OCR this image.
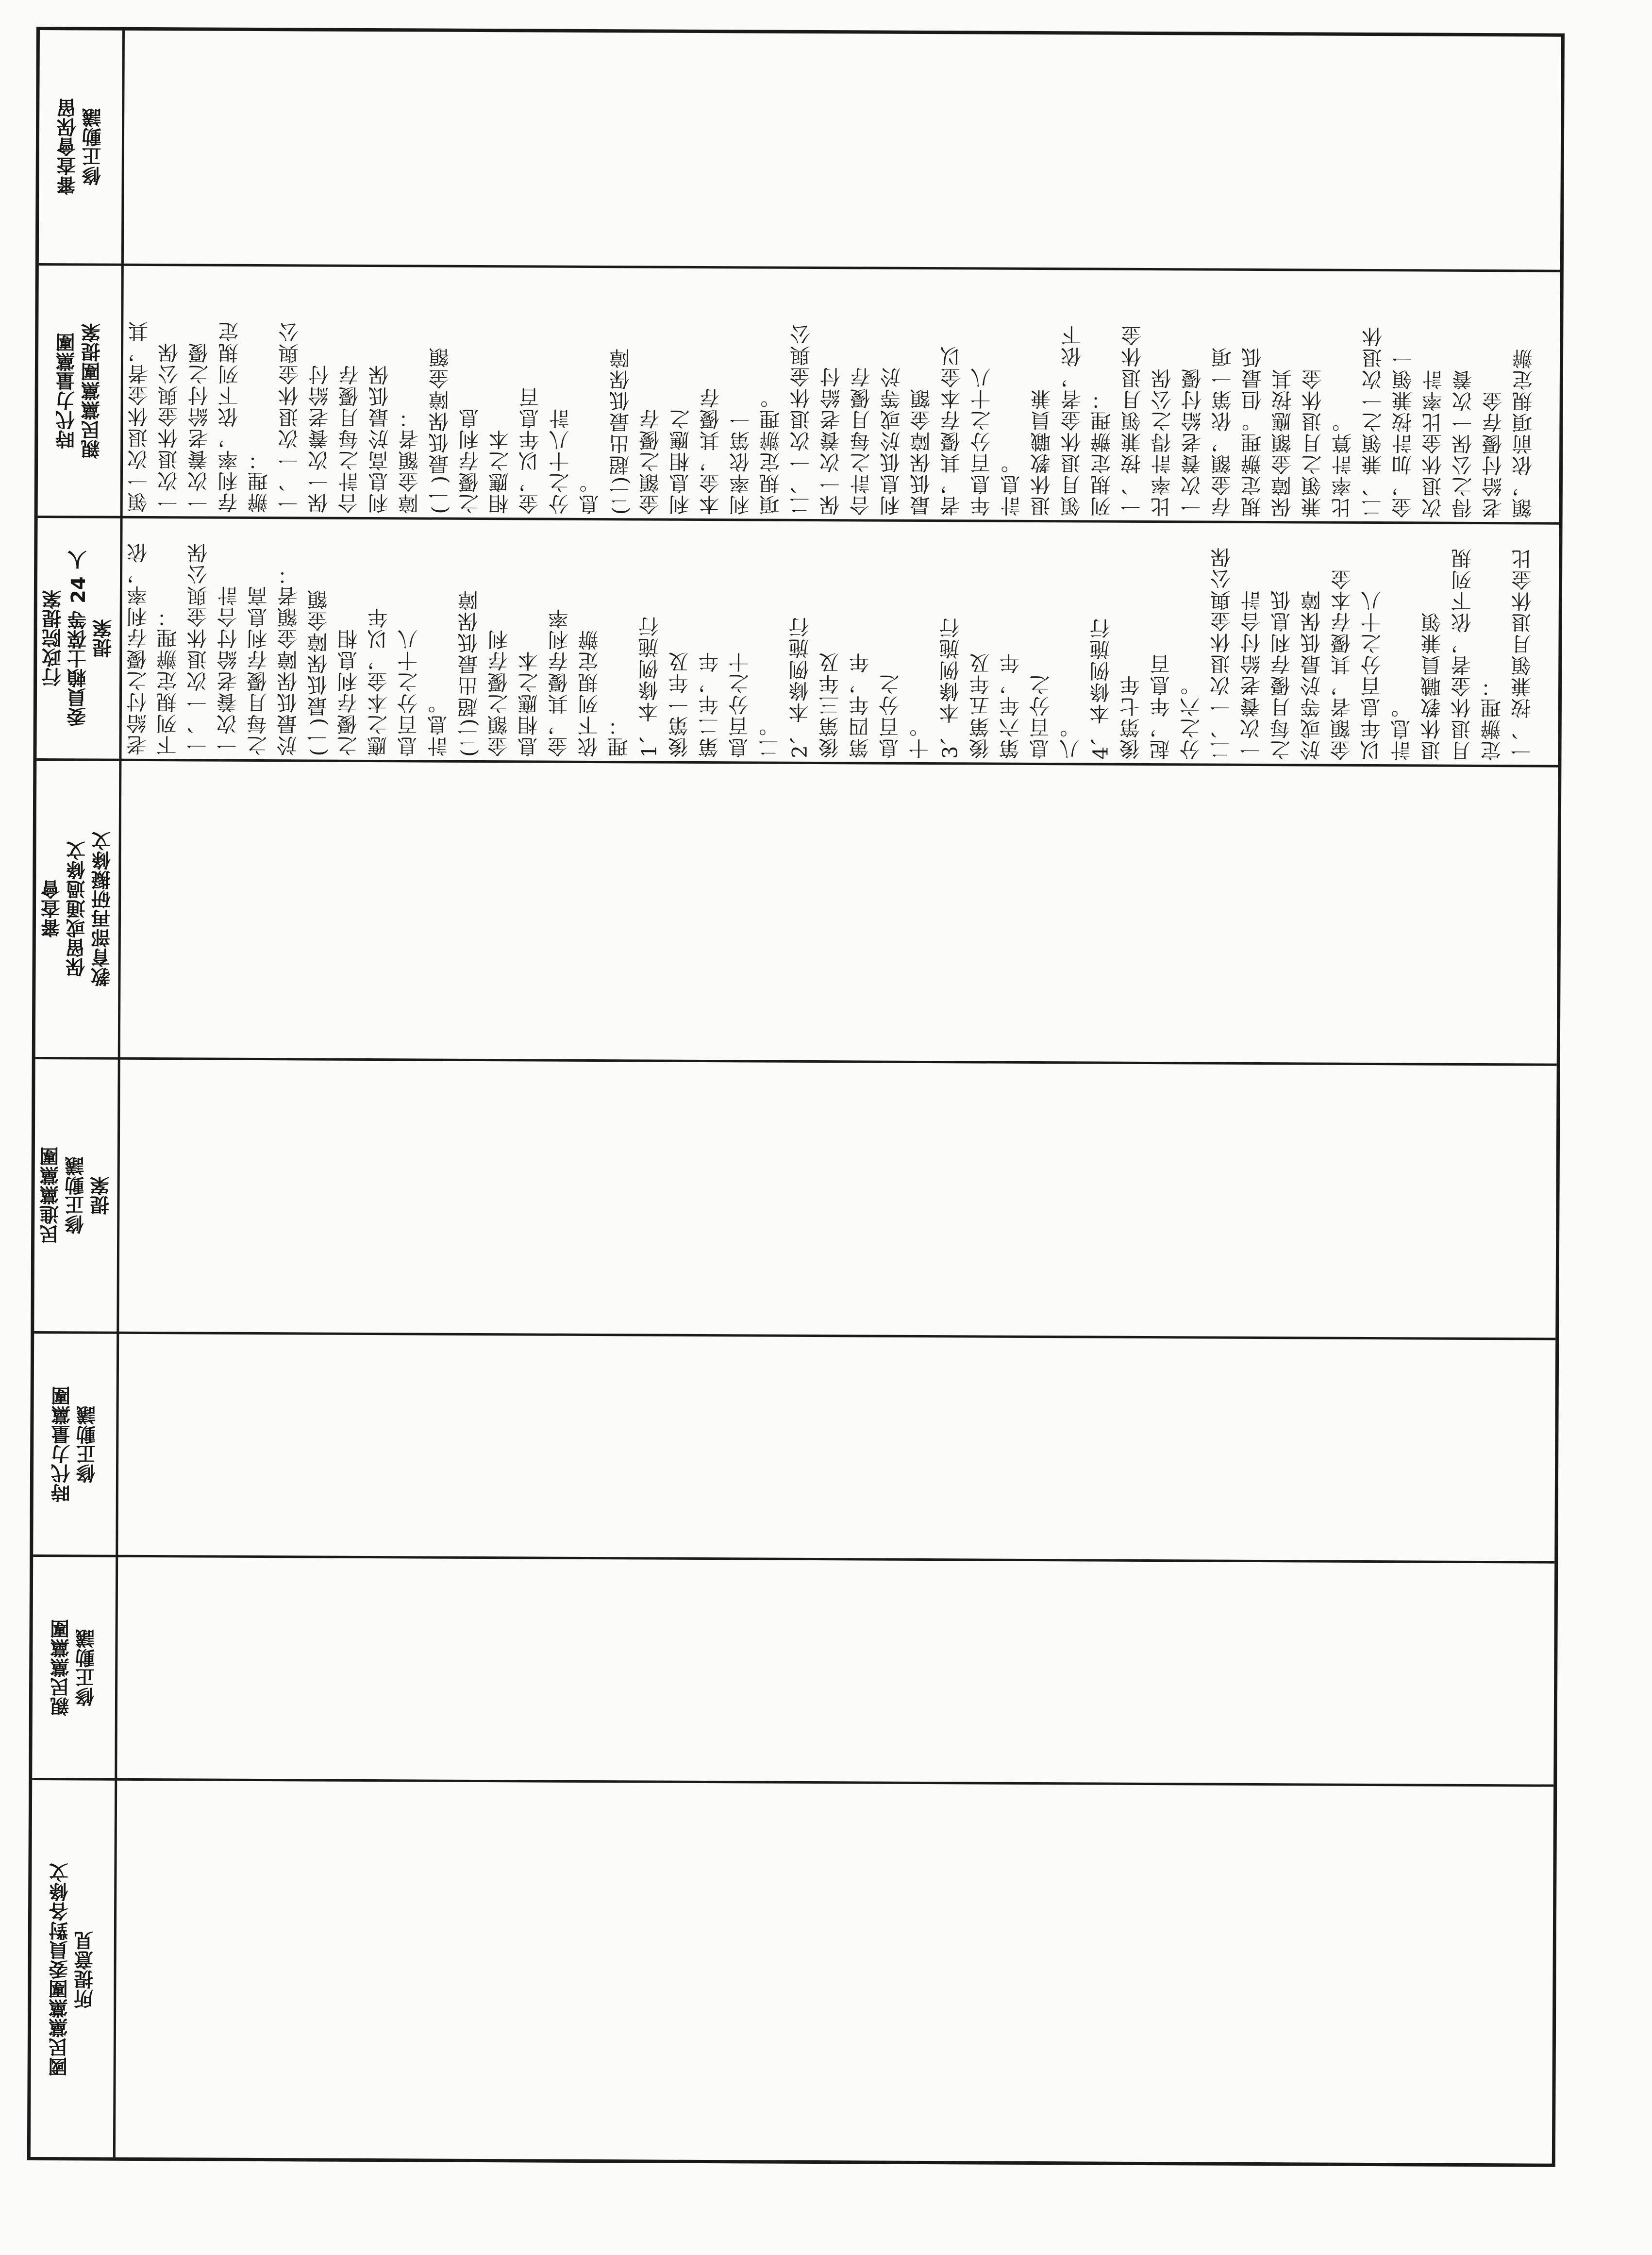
審查會保留
修正動議
時代力量黨團
親民黨黨團提案 領一次退休金者，其
一次退休金與公保
一次養老給付之優
存利率，依下列規定
辦理：
一、一次退休金與公
保一次養老給付
合計之每月優存
利息高於最低保
障金額者：
(一)最低保障金額
之優存利息
相應之本
金，以年息百
分之十八計
息。
(二)超出最低保障
金額之優存
利息相應之
本金，其優存
利率依第一
項規定辦理。
二、一次退休金與公
保一次養老給付
合計之每月優存
利息低於或等於
最低保障金額
者，其優存本金以
年息百分之十八
計息。
退休教職員兼
領月退休金者，依下
列規定辦理：
一、按兼領月退休金
比率計得之公保
一次養老給付優
存金額，依第一項
規定辦理。但最低
保障金額應按其
兼領之月退休金
比率計算。
二、兼領之一次退休
金，加計按兼領一
次退休金比率計
得之公保一次養
老給付優存金
額，依前項規定辦
行政院提案
委員賴士葆等 24 人
提案 老給付之優存利率，依
下列規定辦理：
一、一次退休金與公保
一次養老給付合計
之每月優存利息高
於最低保障金額者：
(一)最低保障金額
之優存利息相
應之本金，以年
息百分之十八
計息。
(二)超出最低保障
金額之優存利
息相應之本
金，其優存利率
依下列規定辦
理：
1、本條例施行
後第一年及
第二年，年
息百分之十
二。
2、本條例施行
後第三年及
第四年，年
息百分之
十。
3、本條例施行
後第五年及
第六年，年
息百分之
八。
4、本條例施行
後第七年
起，年息百
分之六。
二、一次退休金與公保
一次養老給付合計
之每月優存利息低
於或等於最低保障
金額者，其優存本金
以年息百分之十八
計息。
退休教職員兼領
月退休金者，依下列規
定辦理：
一、按兼領月退休金比
審查會
保留或通過條文
教育部再研擬條文
民進黨黨團
修正動議
提案
時代力量黨團
修正動議
親民黨黨團
修正動議
國民黨黨團委員對各條文
所提意見
